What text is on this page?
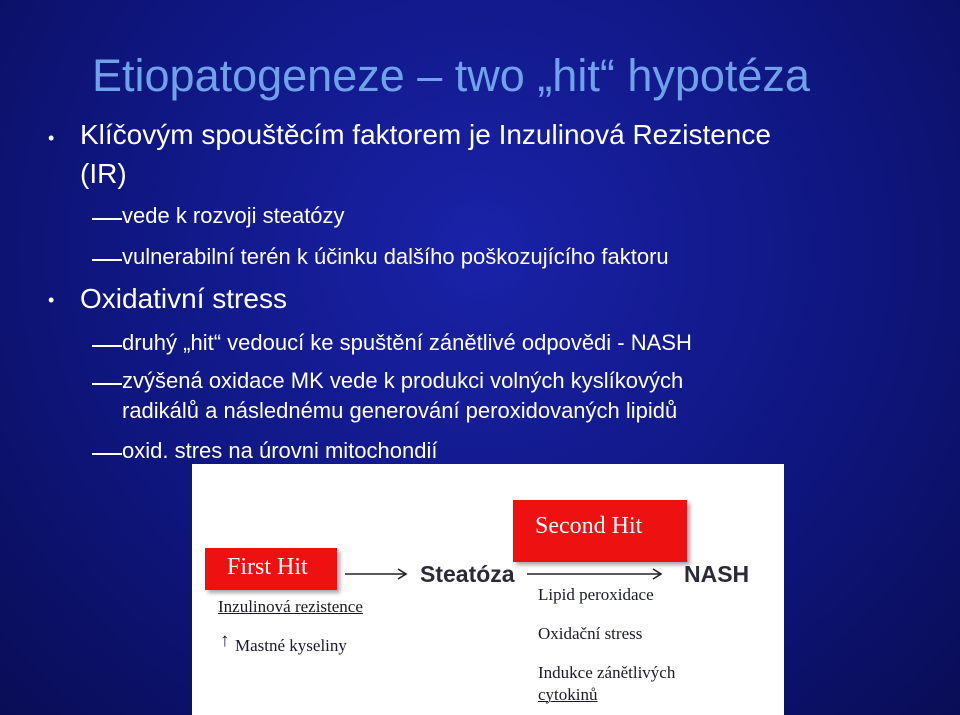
Etiopatogeneze – two „hit“ hypotéza
• Klíčovým spouštěcím faktorem je Inzulinová Rezistence
(IR)
vede k rozvoji steatózy
vulnerabilní terén k účinku dalšího poškozujícího faktoru
• Oxidativní stress
druhý „hit“ vedoucí ke spuštění zánětlivé odpovědi - NASH
zvýšená oxidace MK vede k produkci volných kyslíkových
radikálů a následnému generování peroxidovaných lipidů
oxid. stres na úrovni mitochondií
First Hit
Second Hit
Steatóza	NASH
Inzulinová rezistence
↑ Mastné kyseliny
Lipid peroxidace
Oxidační stress
Indukce zánětlivých
cytokinů
